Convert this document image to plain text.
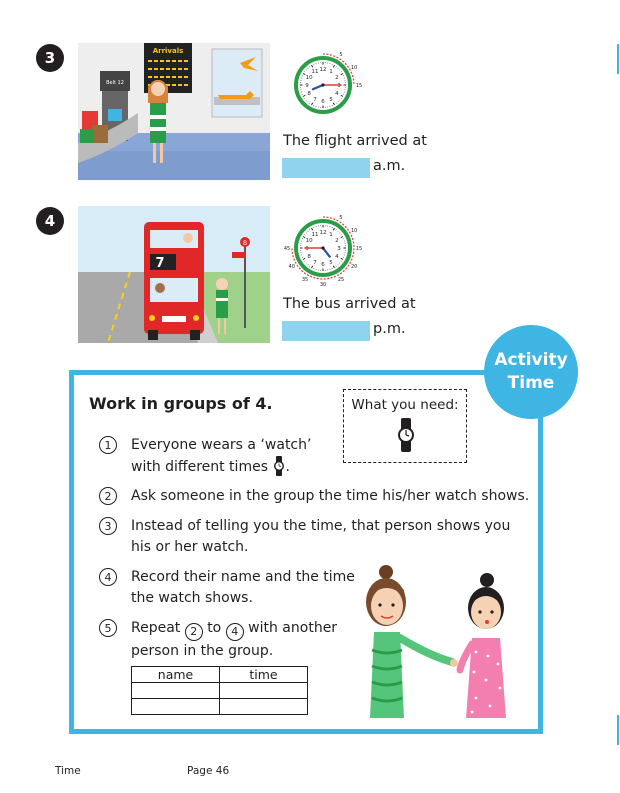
3	Arrivals
Belt 12
12 1
2
3
4
5
6
7
8
9
10
11
5
10
15
The flight arrived at
a.m.
4
7
B
12 1
2
3
4
5
6
7
8
9
10
11
5
10
15
20
25
30
35
40
45
The bus arrived at
p.m.
Activity
Time
Work in groups of 4.	What you need:
1	Everyone wears a ‘watch’
with different times .
2	Ask someone in the group the time his/her watch shows.
3	Instead of telling you the time, that person shows you
his or her watch.
4	Record their name and the time
the watch shows.
5	Repeat 2 to 4 with another
person in the group.
name	time

Time	Page 46
